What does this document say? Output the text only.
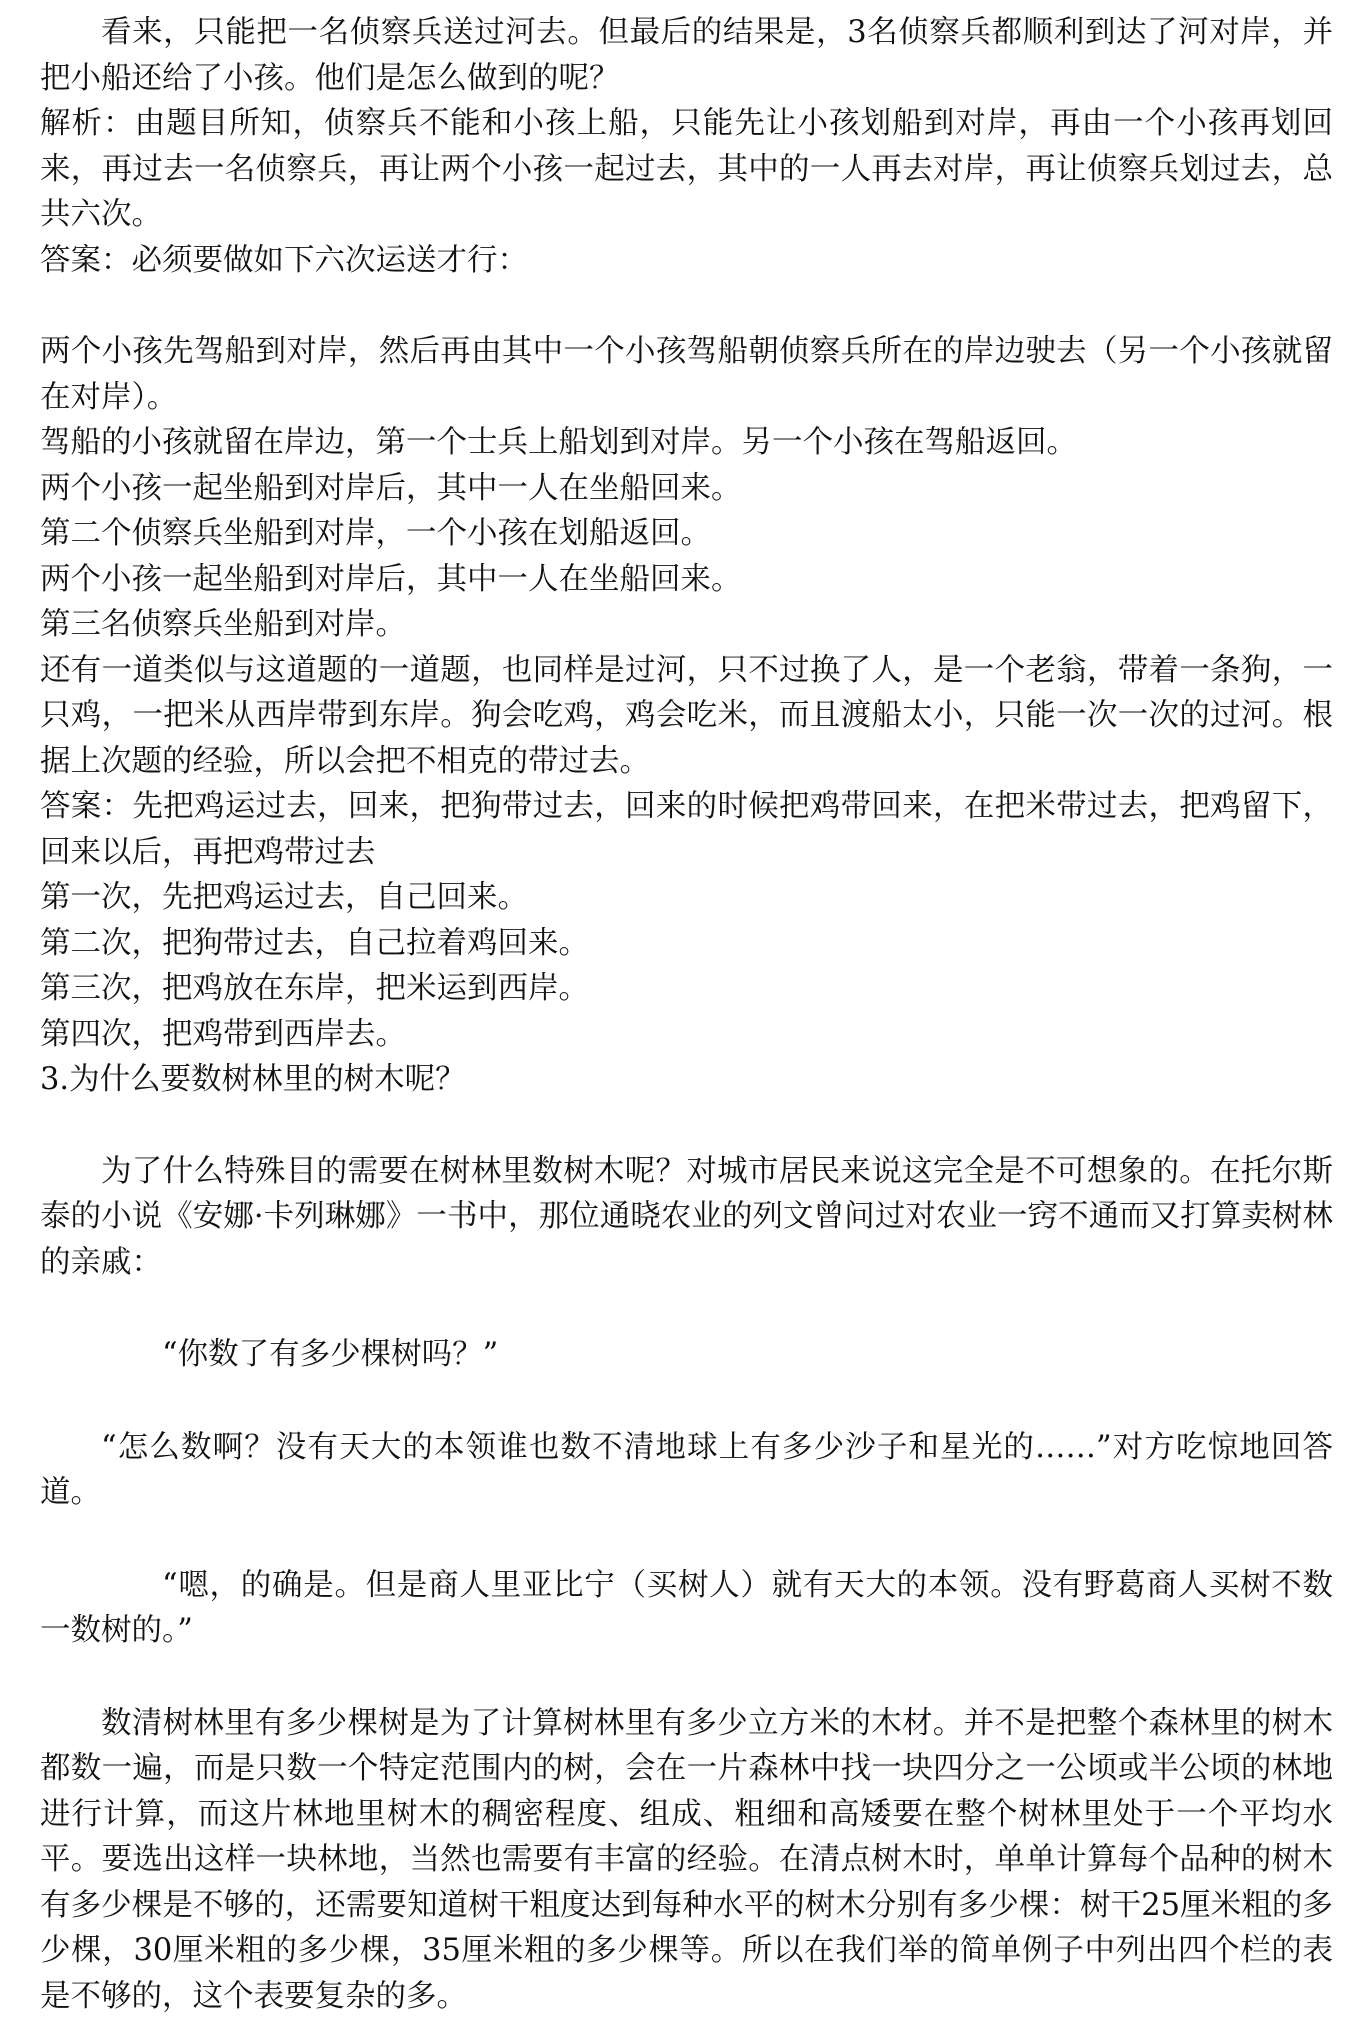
看来，只能把一名侦察兵送过河去。但最后的结果是，3名侦察兵都顺利到达了河对岸，并把小船还给了小孩。他们是怎么做到的呢？

解析：由题目所知，侦察兵不能和小孩上船，只能先让小孩划船到对岸，再由一个小孩再划回来，再过去一名侦察兵，再让两个小孩一起过去，其中的一人再去对岸，再让侦察兵划过去，总共六次。

答案：必须要做如下六次运送才行：

两个小孩先驾船到对岸，然后再由其中一个小孩驾船朝侦察兵所在的岸边驶去（另一个小孩就留在对岸）。

驾船的小孩就留在岸边，第一个士兵上船划到对岸。另一个小孩在驾船返回。

两个小孩一起坐船到对岸后，其中一人在坐船回来。

第二个侦察兵坐船到对岸，一个小孩在划船返回。

两个小孩一起坐船到对岸后，其中一人在坐船回来。

第三名侦察兵坐船到对岸。

还有一道类似与这道题的一道题，也同样是过河，只不过换了人，是一个老翁，带着一条狗，一只鸡，一把米从西岸带到东岸。狗会吃鸡，鸡会吃米，而且渡船太小，只能一次一次的过河。根据上次题的经验，所以会把不相克的带过去。

答案：先把鸡运过去，回来，把狗带过去，回来的时候把鸡带回来，在把米带过去，把鸡留下，回来以后，再把鸡带过去

第一次，先把鸡运过去，自己回来。

第二次，把狗带过去，自己拉着鸡回来。

第三次，把鸡放在东岸，把米运到西岸。

第四次，把鸡带到西岸去。

3.为什么要数树林里的树木呢？

为了什么特殊目的需要在树林里数树木呢？对城市居民来说这完全是不可想象的。在托尔斯泰的小说《安娜·卡列琳娜》一书中，那位通晓农业的列文曾问过对农业一窍不通而又打算卖树林的亲戚：

“你数了有多少棵树吗？”

“怎么数啊？没有天大的本领谁也数不清地球上有多少沙子和星光的……”对方吃惊地回答道。

“嗯，的确是。但是商人里亚比宁（买树人）就有天大的本领。没有野葛商人买树不数一数树的。”

数清树林里有多少棵树是为了计算树林里有多少立方米的木材。并不是把整个森林里的树木都数一遍，而是只数一个特定范围内的树，会在一片森林中找一块四分之一公顷或半公顷的林地进行计算，而这片林地里树木的稠密程度、组成、粗细和高矮要在整个树林里处于一个平均水平。要选出这样一块林地，当然也需要有丰富的经验。在清点树木时，单单计算每个品种的树木有多少棵是不够的，还需要知道树干粗度达到每种水平的树木分别有多少棵：树干25厘米粗的多少棵，30厘米粗的多少棵，35厘米粗的多少棵等。所以在我们举的简单例子中列出四个栏的表是不够的，这个表要复杂的多。
